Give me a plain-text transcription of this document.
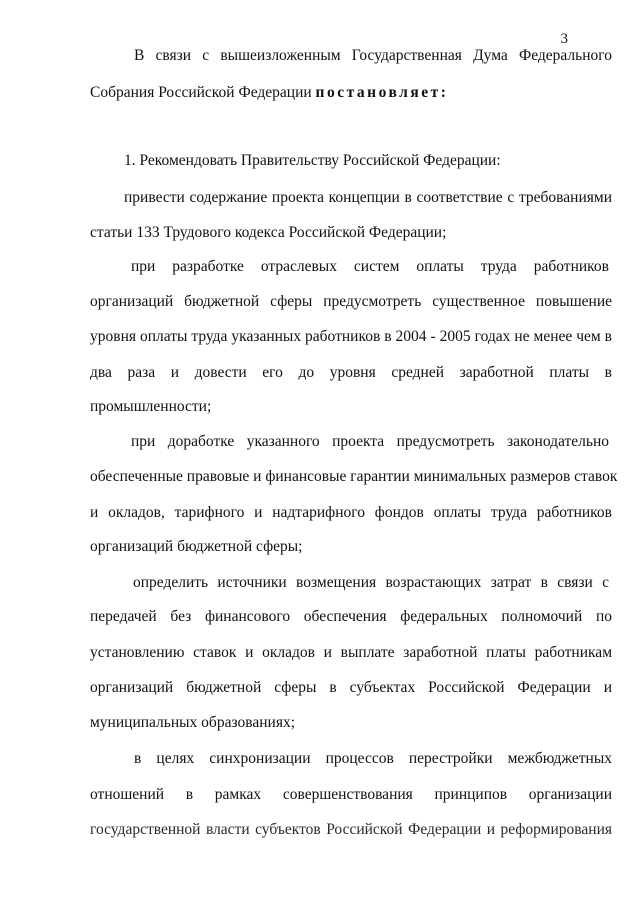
3
В связи с вышеизложенным Государственная Дума Федерального
Собрания Российской Федерации постановляет:
1. Рекомендовать Правительству Российской Федерации:
привести содержание проекта концепции в соответствие с требованиями
статьи 133 Трудового кодекса Российской Федерации;
при разработке отраслевых систем оплаты труда работников
организаций бюджетной сферы предусмотреть существенное повышение
уровня оплаты труда указанных работников в 2004 - 2005 годах не менее чем в
два раза и довести его до уровня средней заработной платы в
промышленности;
при доработке указанного проекта предусмотреть законодательно
обеспеченные правовые и финансовые гарантии минимальных размеров ставок
и окладов, тарифного и надтарифного фондов оплаты труда работников
организаций бюджетной сферы;
определить источники возмещения возрастающих затрат в связи с
передачей без финансового обеспечения федеральных полномочий по
установлению ставок и окладов и выплате заработной платы работникам
организаций бюджетной сферы в субъектах Российской Федерации и
муниципальных образованиях;
в целях синхронизации процессов перестройки межбюджетных
отношений в рамках совершенствования принципов организации
государственной власти субъектов Российской Федерации и реформирования
